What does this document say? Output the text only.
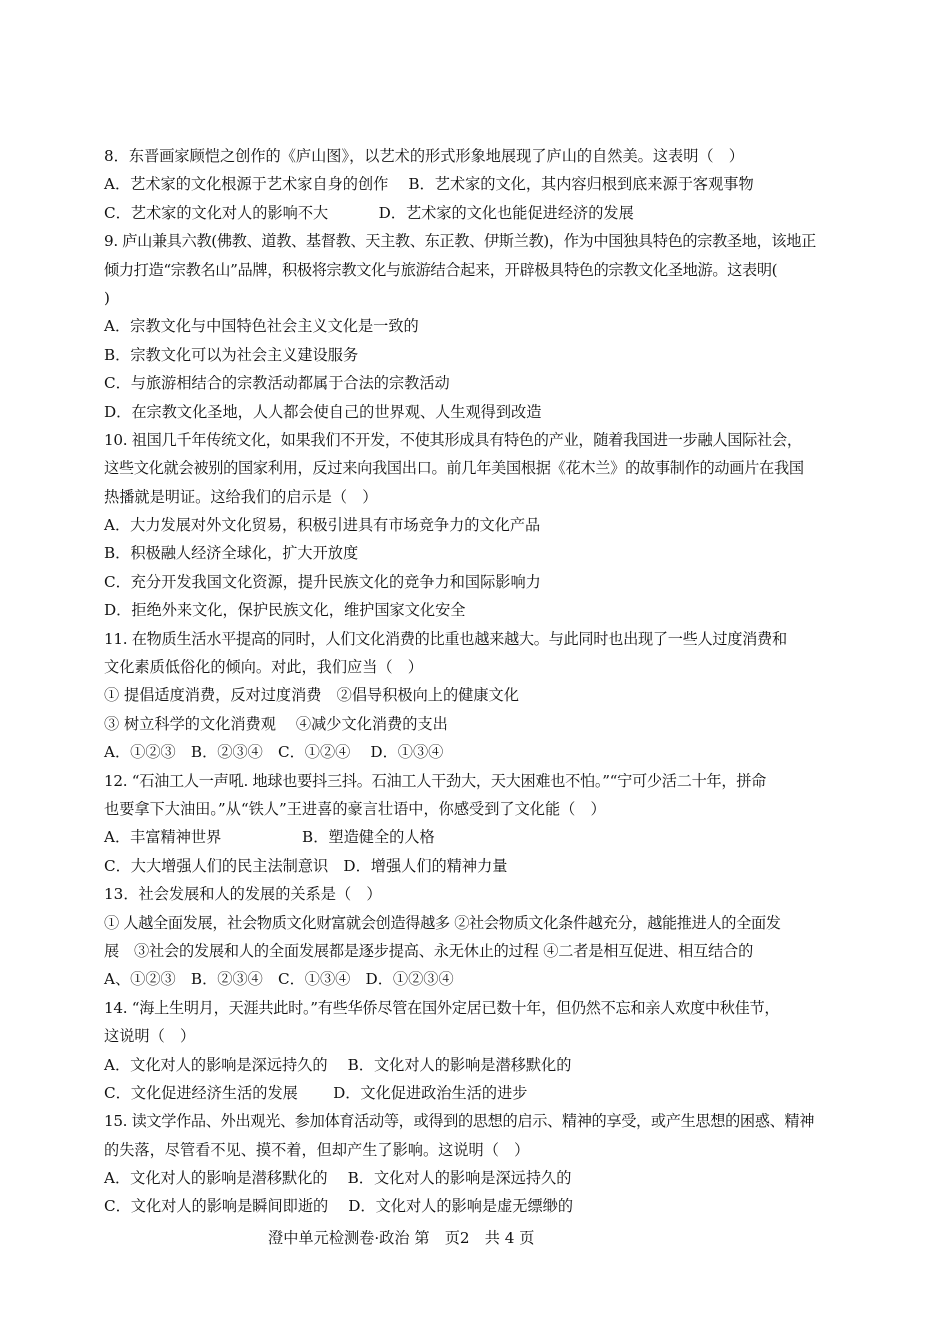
8．东晋画家顾恺之创作的《庐山图》，以艺术的形式形象地展现了庐山的自然美。这表明（　）
A．艺术家的文化根源于艺术家自身的创作　 B．艺术家的文化，其内容归根到底来源于客观事物
C．艺术家的文化对人的影响不大　　　 D．艺术家的文化也能促进经济的发展
9. 庐山兼具六教(佛教、道教、基督教、天主教、东正教、伊斯兰教)，作为中国独具特色的宗教圣地，该地正
倾力打造“宗教名山”品牌，积极将宗教文化与旅游结合起来，开辟极具特色的宗教文化圣地游。这表明(
)
A．宗教文化与中国特色社会主义文化是一致的
B．宗教文化可以为社会主义建设服务
C．与旅游相结合的宗教活动都属于合法的宗教活动
D．在宗教文化圣地，人人都会使自己的世界观、人生观得到改造
10. 祖国几千年传统文化，如果我们不开发，不使其形成具有特色的产业，随着我国进一步融人国际社会，
这些文化就会被别的国家利用，反过来向我国出口。前几年美国根据《花木兰》的故事制作的动画片在我国
热播就是明证。这给我们的启示是（　）
A．大力发展对外文化贸易，积极引进具有市场竞争力的文化产品
B．积极融人经济全球化，扩大开放度
C．充分开发我国文化资源，提升民族文化的竞争力和国际影响力
D．拒绝外来文化，保护民族文化，维护国家文化安全
11. 在物质生活水平提高的同时，人们文化消费的比重也越来越大。与此同时也出现了一些人过度消费和
文化素质低俗化的倾向。对此，我们应当（　）
① 提倡适度消费，反对过度消费　②倡导积极向上的健康文化
③ 树立科学的文化消费观　 ④减少文化消费的支出
A．①②③　B．②③④　C．①②④　 D．①③④
12. “石油工人一声吼. 地球也要抖三抖。石油工人干劲大，天大困难也不怕。”“宁可少活二十年，拼命
也要拿下大油田。”从“铁人”王进喜的豪言壮语中，你感受到了文化能（　）
A．丰富精神世界　　　　　 B．塑造健全的人格
C．大大增强人们的民主法制意识　D．增强人们的精神力量
13．社会发展和人的发展的关系是（　）
① 人越全面发展，社会物质文化财富就会创造得越多 ②社会物质文化条件越充分，越能推进人的全面发
展　③社会的发展和人的全面发展都是逐步提高、永无休止的过程 ④二者是相互促进、相互结合的
A、①②③　B．②③④　C．①③④　D．①②③④
14. “海上生明月，天涯共此时。”有些华侨尽管在国外定居已数十年，但仍然不忘和亲人欢度中秋佳节，
这说明（　）
A．文化对人的影响是深远持久的　 B．文化对人的影响是潜移默化的
C．文化促进经济生活的发展　　 D．文化促进政治生活的进步
15. 读文学作品、外出观光、参加体育活动等，或得到的思想的启示、精神的享受，或产生思想的困惑、精神
的失落，尽管看不见、摸不着，但却产生了影响。这说明（　）
A．文化对人的影响是潜移默化的　 B．文化对人的影响是深远持久的
C．文化对人的影响是瞬间即逝的　 D．文化对人的影响是虚无缥缈的
澄中单元检测卷·政治 第　页2　共 4 页
